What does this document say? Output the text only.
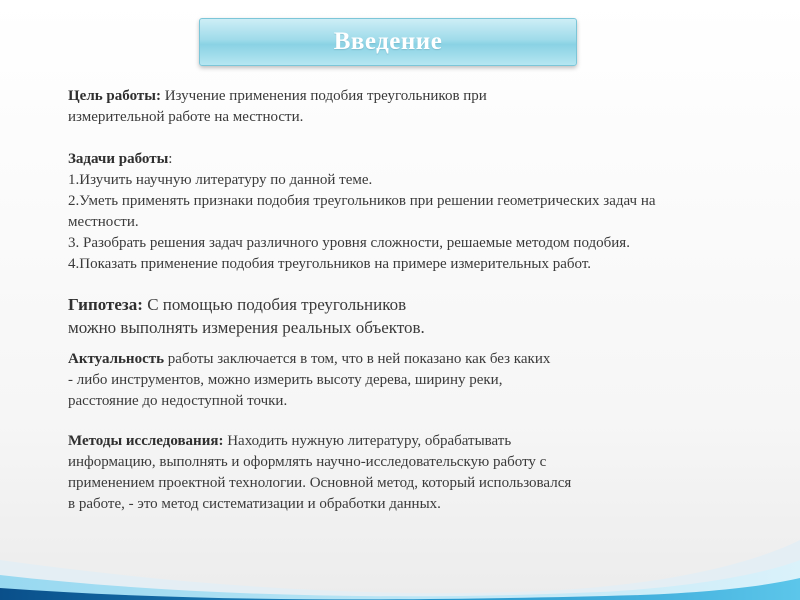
Введение
Цель работы: Изучение применения подобия треугольников при
измерительной работе на местности.
Задачи работы:
1.Изучить научную литературу по данной теме.
2.Уметь применять признаки подобия треугольников при решении геометрических задач на
местности.
3. Разобрать решения задач различного уровня сложности, решаемые методом подобия.
4.Показать применение подобия треугольников на примере измерительных работ.
Гипотеза: С помощью подобия треугольников
можно выполнять измерения реальных объектов.
Актуальность работы заключается в том, что в ней показано как без каких
- либо инструментов, можно измерить высоту дерева, ширину реки,
расстояние до недоступной точки.
Методы исследования: Находить нужную литературу, обрабатывать
информацию, выполнять и оформлять научно-исследовательскую работу с
применением проектной технологии. Основной метод, который использовался
в работе, - это метод систематизации и обработки данных.
